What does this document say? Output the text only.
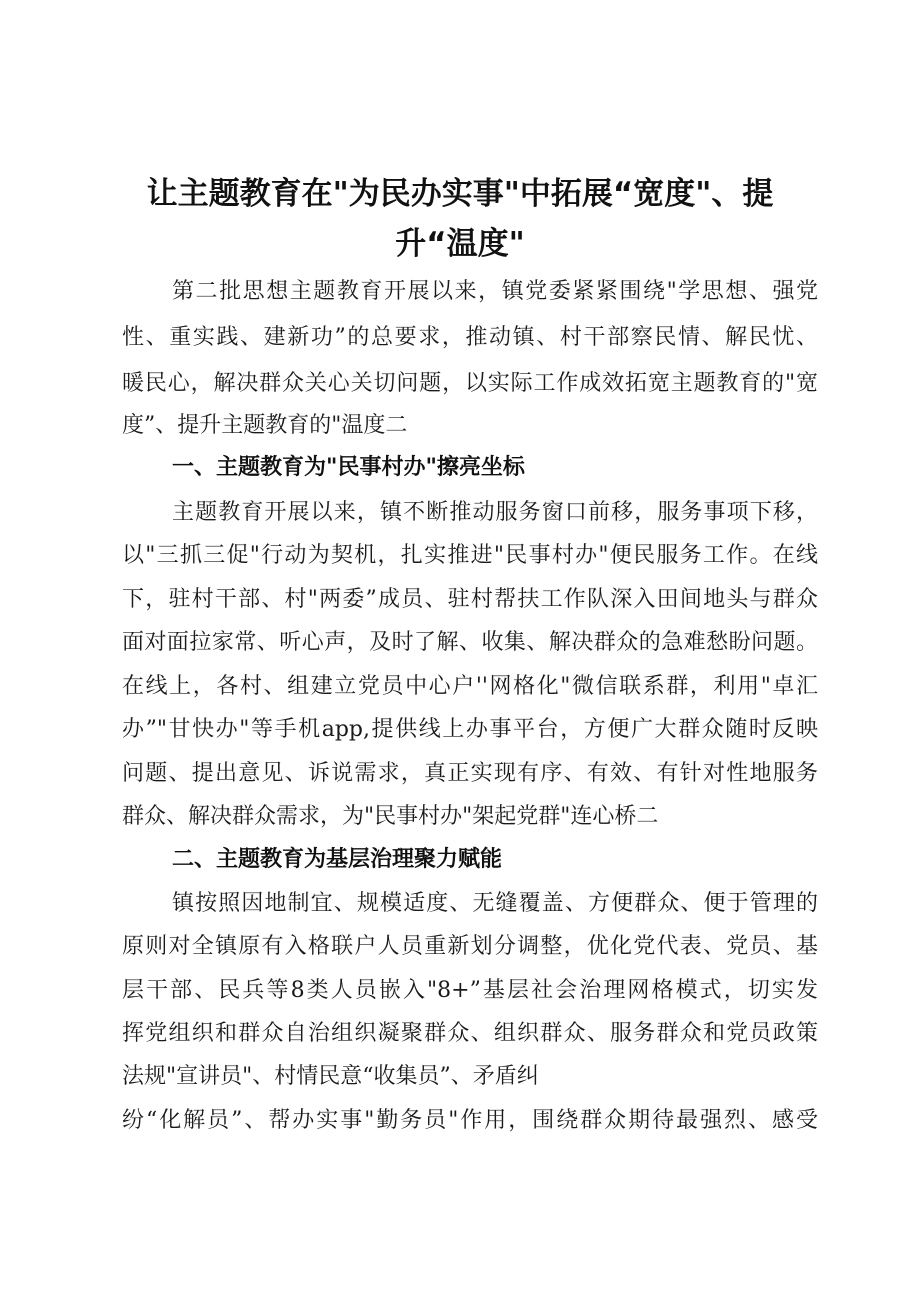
让主题教育在"为民办实事"中拓展“宽度"、提
升“温度"
第二批思想主题教育开展以来，镇党委紧紧围绕"学思想、强党
性、重实践、建新功”的总要求，推动镇、村干部察民情、解民忧、
暖民心，解决群众关心关切问题，以实际工作成效拓宽主题教育的"宽
度”、提升主题教育的"温度二
一、主题教育为"民事村办"擦亮坐标
主题教育开展以来，镇不断推动服务窗口前移，服务事项下移，
以"三抓三促"行动为契机，扎实推进"民事村办"便民服务工作。在线
下，驻村干部、村"两委”成员、驻村帮扶工作队深入田间地头与群众
面对面拉家常、听心声，及时了解、收集、解决群众的急难愁盼问题。
在线上，各村、组建立党员中心户''网格化"微信联系群，利用"卓汇
办”"甘快办"等手机app,提供线上办事平台，方便广大群众随时反映
问题、提出意见、诉说需求，真正实现有序、有效、有针对性地服务
群众、解决群众需求，为"民事村办"架起党群"连心桥二
二、主题教育为基层治理聚力赋能
镇按照因地制宜、规模适度、无缝覆盖、方便群众、便于管理的
原则对全镇原有入格联户人员重新划分调整，优化党代表、党员、基
层干部、民兵等8类人员嵌入"8+”基层社会治理网格模式，切实发
挥党组织和群众自治组织凝聚群众、组织群众、服务群众和党员政策
法规"宣讲员"、村情民意“收集员”、矛盾纠
纷“化解员”、帮办实事"勤务员"作用，围绕群众期待最强烈、感受
